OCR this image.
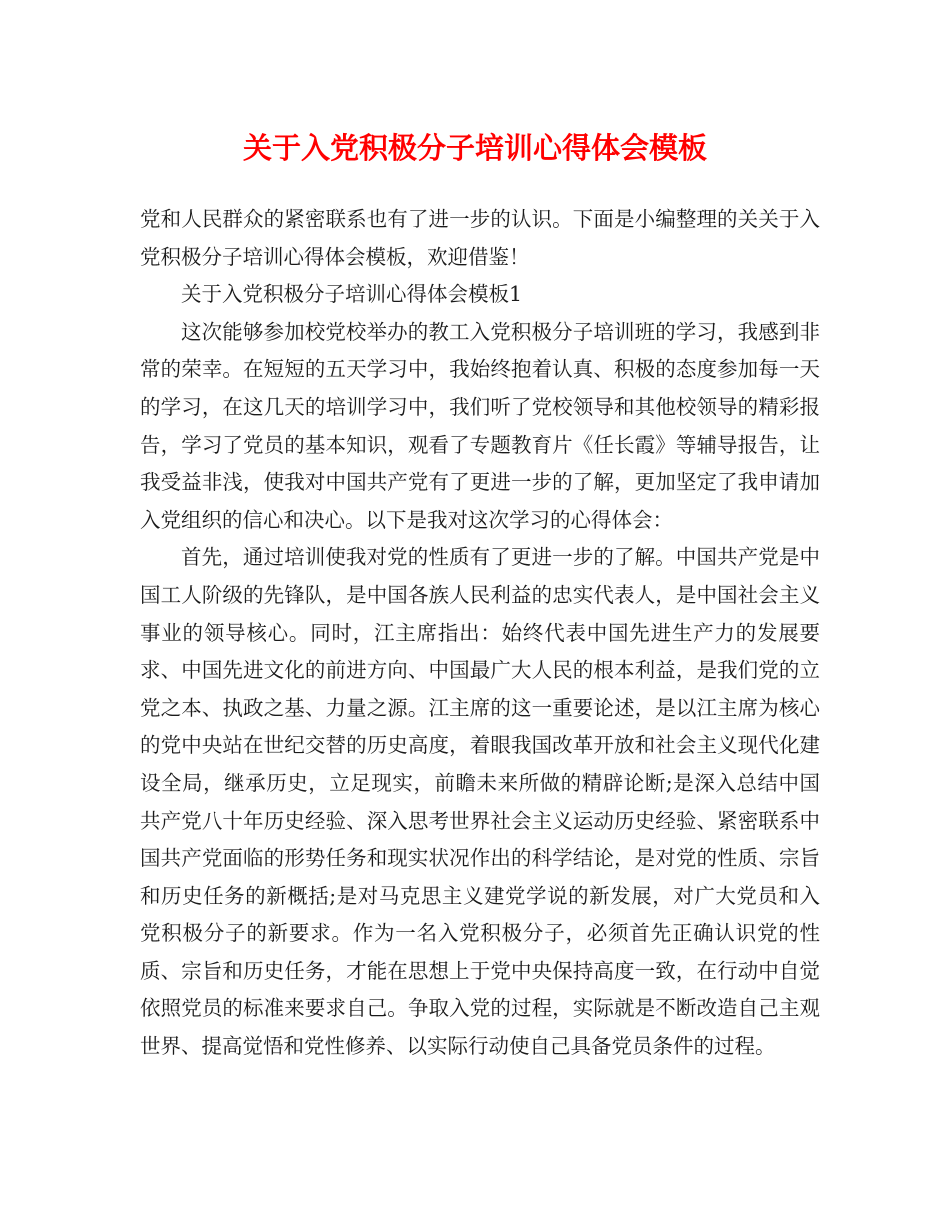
关于入党积极分子培训心得体会模板

党和人民群众的紧密联系也有了进一步的认识。下面是小编整理的关关于入党积极分子培训心得体会模板，欢迎借鉴！

关于入党积极分子培训心得体会模板1

这次能够参加校党校举办的教工入党积极分子培训班的学习，我感到非常的荣幸。在短短的五天学习中，我始终抱着认真、积极的态度参加每一天的学习，在这几天的培训学习中，我们听了党校领导和其他校领导的精彩报告，学习了党员的基本知识，观看了专题教育片《任长霞》等辅导报告，让我受益非浅，使我对中国共产党有了更进一步的了解，更加坚定了我申请加入党组织的信心和决心。以下是我对这次学习的心得体会：

首先，通过培训使我对党的性质有了更进一步的了解。中国共产党是中国工人阶级的先锋队，是中国各族人民利益的忠实代表人，是中国社会主义事业的领导核心。同时，江主席指出：始终代表中国先进生产力的发展要求、中国先进文化的前进方向、中国最广大人民的根本利益，是我们党的立党之本、执政之基、力量之源。江主席的这一重要论述，是以江主席为核心的党中央站在世纪交替的历史高度，着眼我国改革开放和社会主义现代化建设全局，继承历史，立足现实，前瞻未来所做的精辟论断;是深入总结中国共产党八十年历史经验、深入思考世界社会主义运动历史经验、紧密联系中国共产党面临的形势任务和现实状况作出的科学结论，是对党的性质、宗旨和历史任务的新概括;是对马克思主义建党学说的新发展，对广大党员和入党积极分子的新要求。作为一名入党积极分子，必须首先正确认识党的性质、宗旨和历史任务，才能在思想上于党中央保持高度一致，在行动中自觉依照党员的标准来要求自己。争取入党的过程，实际就是不断改造自己主观世界、提高觉悟和党性修养、以实际行动使自己具备党员条件的过程。
